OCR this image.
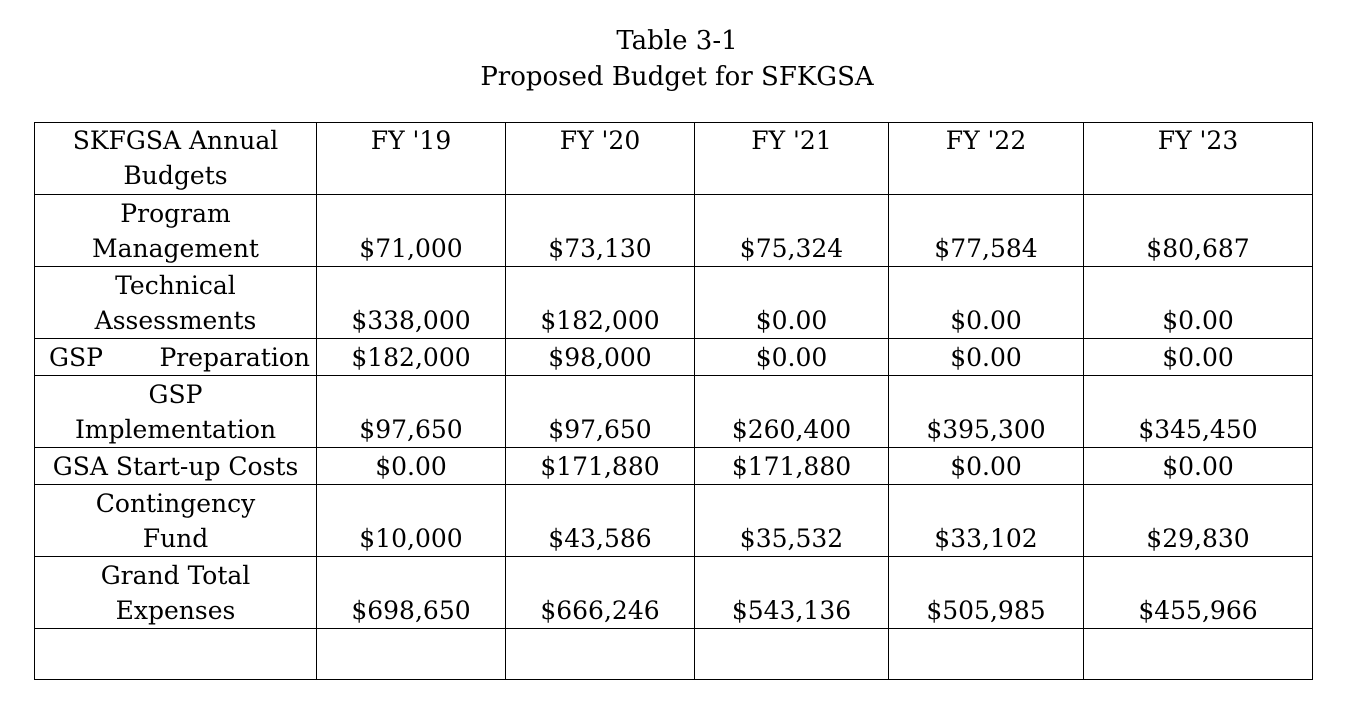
Table 3-1
Proposed Budget for SFKGSA
SKFGSA Annual
Budgets	FY '19	FY '20	FY '21	FY '22	FY '23

Program
Management	$71,000	$73,130	$75,324	$77,584	$80,687

Technical
Assessments	$338,000	$182,000	$0.00	$0.00	$0.00

GSP Preparation	$182,000	$98,000	$0.00	$0.00	$0.00

GSP
Implementation	$97,650	$97,650	$260,400	$395,300	$345,450
GSA Start-up Costs	$0.00	$171,880	$171,880	$0.00	$0.00

Contingency
Fund	$10,000	$43,586	$35,532	$33,102	$29,830

Grand Total
Expenses	$698,650	$666,246	$543,136	$505,985	$455,966
